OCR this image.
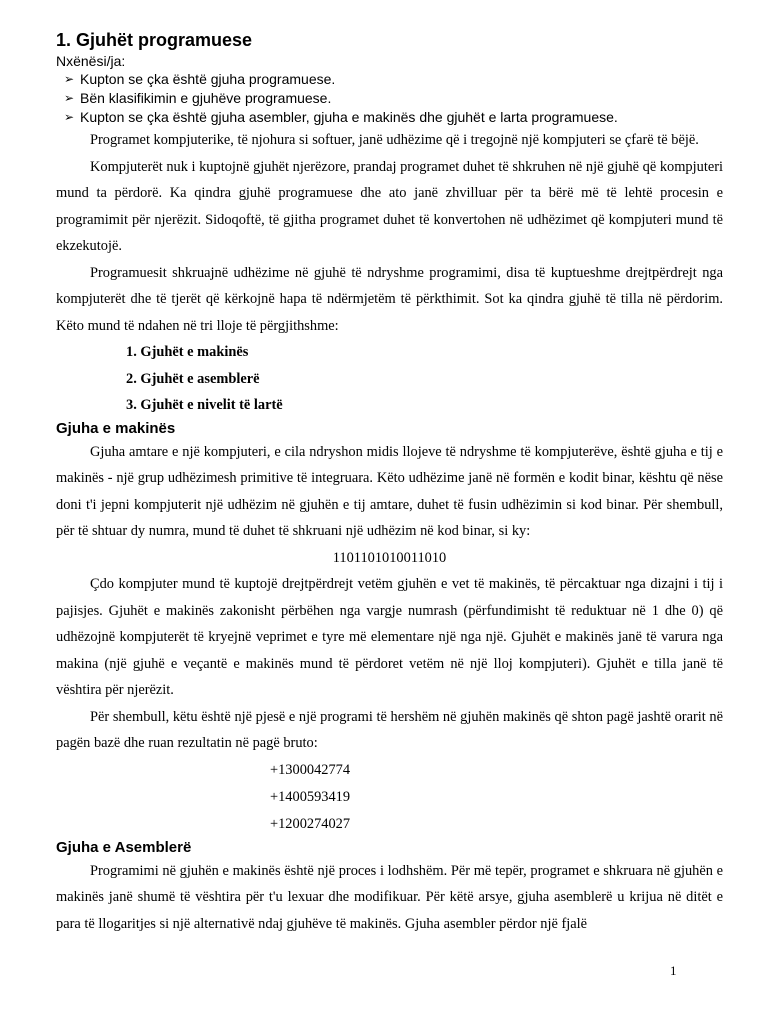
1. Gjuhët programuese
Nxënësi/ja:
➢ Kupton se çka është gjuha programuese.
➢ Bën klasifikimin e gjuhëve programuese.
➢ Kupton se çka është gjuha asembler, gjuha e makinës dhe gjuhët e larta programuese.

Programet kompjuterike, të njohura si softuer, janë udhëzime që i tregojnë një kompjuteri se çfarë të bëjë.

Kompjuterët nuk i kuptojnë gjuhët njerëzore, prandaj programet duhet të shkruhen në një gjuhë që kompjuteri mund ta përdorë. Ka qindra gjuhë programuese dhe ato janë zhvilluar për ta bërë më të lehtë procesin e programimit për njerëzit. Sidoqoftë, të gjitha programet duhet të konvertohen në udhëzimet që kompjuteri mund të ekzekutojë.

Programuesit shkruajnë udhëzime në gjuhë të ndryshme programimi, disa të kuptueshme drejtpërdrejt nga kompjuterët dhe të tjerët që kërkojnë hapa të ndërmjetëm të përkthimit. Sot ka qindra gjuhë të tilla në përdorim. Këto mund të ndahen në tri lloje të përgjithshme:

1. Gjuhët e makinës
2. Gjuhët e asemblerë
3. Gjuhët e nivelit të lartë
Gjuha e makinës

Gjuha amtare e një kompjuteri, e cila ndryshon midis llojeve të ndryshme të kompjuterëve, është gjuha e tij e makinës - një grup udhëzimesh primitive të integruara. Këto udhëzime janë në formën e kodit binar, kështu që nëse doni t'i jepni kompjuterit një udhëzim në gjuhën e tij amtare, duhet të fusin udhëzimin si kod binar. Për shembull, për të shtuar dy numra, mund të duhet të shkruani një udhëzim në kod binar, si ky:

1101101010011010

Çdo kompjuter mund të kuptojë drejtpërdrejt vetëm gjuhën e vet të makinës, të përcaktuar nga dizajni i tij i pajisjes. Gjuhët e makinës zakonisht përbëhen nga vargje numrash (përfundimisht të reduktuar në 1 dhe 0) që udhëzojnë kompjuterët të kryejnë veprimet e tyre më elementare një nga një. Gjuhët e makinës janë të varura nga makina (një gjuhë e veçantë e makinës mund të përdoret vetëm në një lloj kompjuteri). Gjuhët e tilla janë të vështira për njerëzit.

Për shembull, këtu është një pjesë e një programi të hershëm në gjuhën makinës që shton pagë jashtë orarit në pagën bazë dhe ruan rezultatin në pagë bruto:

+1300042774
+1400593419
+1200274027
Gjuha e Asemblerë

Programimi në gjuhën e makinës është një proces i lodhshëm. Për më tepër, programet e shkruara në gjuhën e makinës janë shumë të vështira për t'u lexuar dhe modifikuar. Për këtë arsye, gjuha asemblerë u krijua në ditët e para të llogaritjes si një alternativë ndaj gjuhëve të makinës. Gjuha asembler përdor një fjalë

1
